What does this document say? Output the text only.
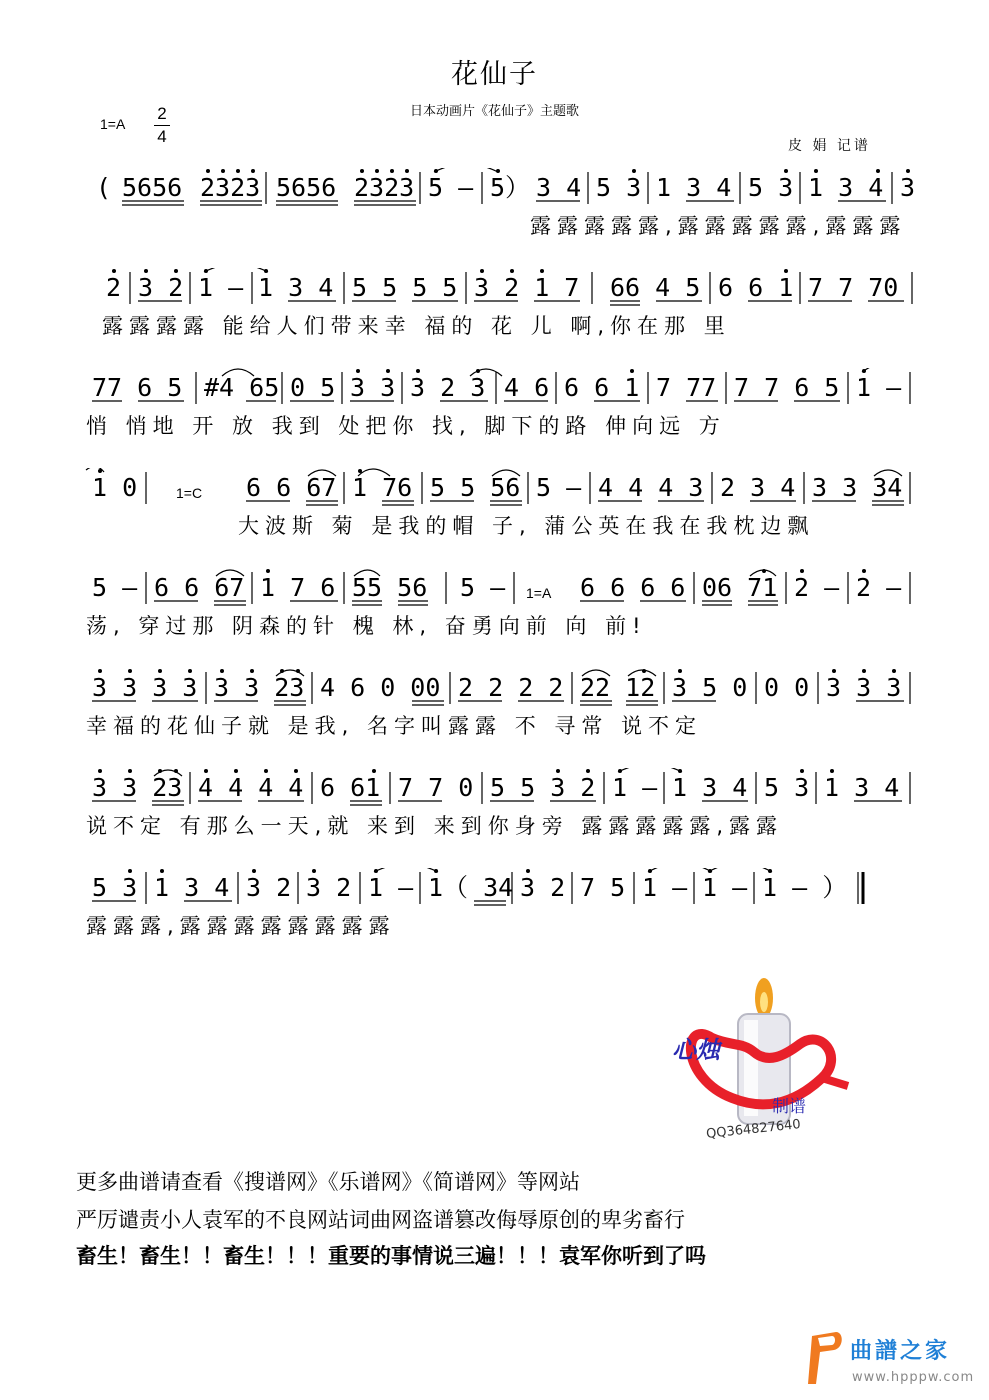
花仙子
日本动画片《花仙子》主题歌
1=A
2
4	皮 娟 记谱
( 5656 2323 5656 2323 5 – 5） 3 4 5 3 1 3 4 5 3 1 3 4 3
露露露露露,露露露露露,露露露
2 3 2 1 – 1 3 4 5 5 5 5 3 2 1 7 66 4 5 6 6 1 7 7 70
露露露露 能给人们带来幸 福的 花 儿 啊,你在那 里
77 6 5 #4 65 0 5 3 3 3 2 3 4 6 6 6 1 7 77 7 7 6 5 1 –
悄 悄地 开 放 我到 处把你 找, 脚下的路 伸向远 方
1 0	1=C 6 6 67 1 76 5 5 56 5 – 4 4 4 3 2 3 4 3 3 34
大波斯 菊 是我的帽 子, 蒲公英在我在我枕边飘
5 – 6 6 67 1 7 6 55 56 5 – 1=A 6 6 6 6 06 71 2 – 2 –
荡, 穿过那 阴森的针 槐 林, 奋勇向前 向 前!
3 3 3 3 3 3 23 4 6 0 00 2 2 2 2 22 12 3 5 0 0 0 3 3 3
幸福的花仙子就 是我, 名字叫露露 不 寻常 说不定
3 3 23 4 4 4 4 6 61 7 7 0 5 5 3 2 1 – 1 3 4 5 3 1 3 4
说不定 有那么一天,就 来到 来到你身旁 露露露露露,露露
5 3 1 3 4 3 2 3 2 1 – 1（ 34 3 2 7 5 1 – 1 – 1 – ）
露露露,露露露露露露露露
心烛
制谱
QQ364827640
更多曲谱请查看《搜谱网》《乐谱网》《简谱网》等网站
严厉谴责小人袁军的不良网站词曲网盗谱篡改侮辱原创的卑劣畜行
畜生！畜生！！畜生！！！重要的事情说三遍！！！袁军你听到了吗
曲譜之家
www.hpppw.com
